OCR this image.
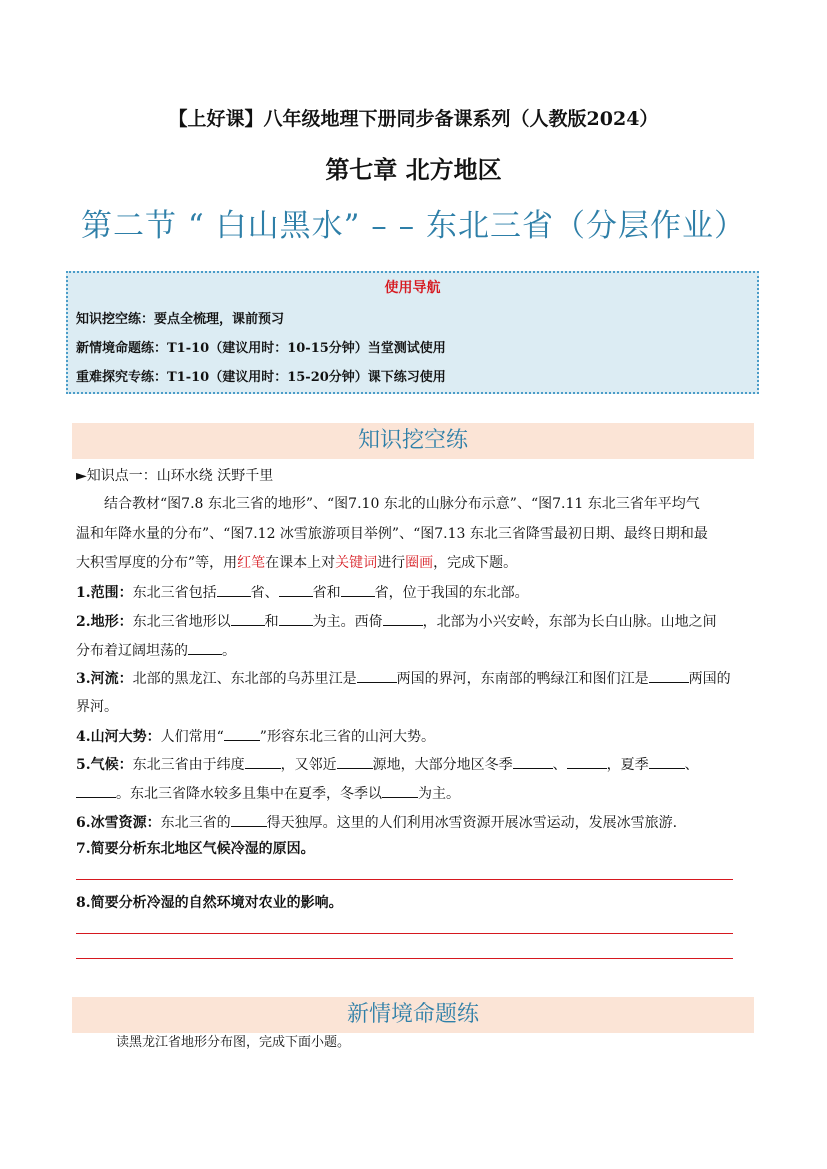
【上好课】八年级地理下册同步备课系列（人教版2024）
第七章 北方地区
第二节 “ 白山黑水” – – 东北三省（分层作业）
使用导航
知识挖空练：要点全梳理，课前预习
新情境命题练：T1-10（建议用时：10-15分钟）当堂测试使用
重难探究专练：T1-10（建议用时：15-20分钟）课下练习使用
知识挖空练
►知识点一：山环水绕 沃野千里
结合教材“图7.8 东北三省的地形”、“图7.10 东北的山脉分布示意”、“图7.11 东北三省年平均气
温和年降水量的分布”、“图7.12 冰雪旅游项目举例”、“图7.13 东北三省降雪最初日期、最终日期和最
大积雪厚度的分布”等，用红笔在课本上对关键词进行圈画，完成下题。
1.范围：东北三省包括 省、 省和 省，位于我国的东北部。
2.地形：东北三省地形以 和 为主。西倚	，北部为小兴安岭，东部为长白山脉。山地之间
分布着辽阔坦荡的 。
3.河流：北部的黑龙江、东北部的乌苏里江是	两国的界河，东南部的鸭绿江和图们江是	两国的
界河。
4.山河大势：人们常用“	”形容东北三省的山河大势。
5.气候：东北三省由于纬度	，又邻近	源地，大部分地区冬季	、	，夏季	、
。东北三省降水较多且集中在夏季，冬季以	为主。
6.冰雪资源：东北三省的	得天独厚。这里的人们利用冰雪资源开展冰雪运动，发展冰雪旅游.
7.简要分析东北地区气候冷湿的原因。
8.简要分析冷湿的自然环境对农业的影响。
新情境命题练
读黑龙江省地形分布图，完成下面小题。
